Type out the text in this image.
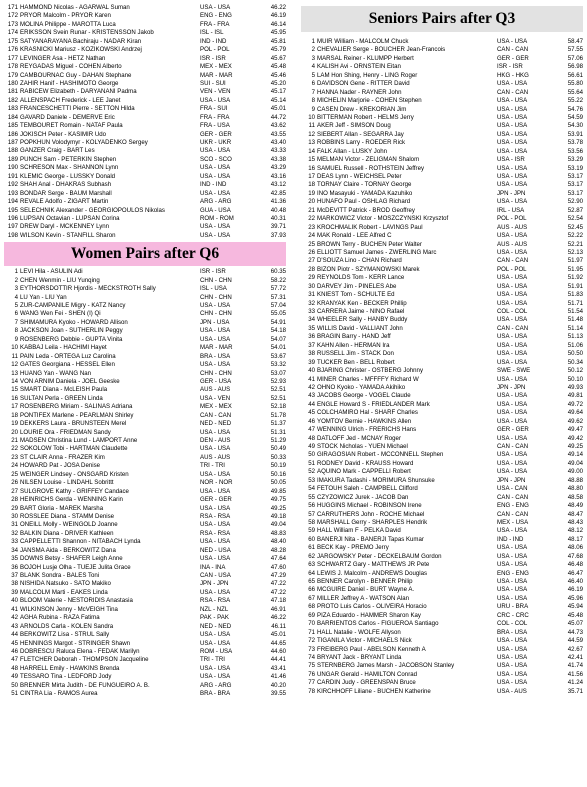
171 HAMMOND Nicolas - AGARWAL Suman	USA - USA	46.22
172 PRYOR Malcolm - PRYOR Karen	ENG - ENG	46.19
173 MOLINA Philippe - MAROTTA Luca	FRA - FRA	46.14
174 ERIKSSON Svein Runar - KRISTENSSON Jakob	ISL - ISL	45.95
175 SATYANARAYANA Bachiraju - NADAR Kiran	IND - IND	45.81
176 KRASNICKI Mariusz - KOZIKOWSKI Andrzej	POL - POL	45.79
177 LEVINGER Asa - HETZ Nathan	ISR - ISR	45.67
178 REYGADAS Miguel - COHEN Alberto	MEX - MEX	45.48
179 CAMBOURNAC Guy - DAHAN Stephane	MAR - MAR	45.46
180 ZAHIR Hanif - HASHIMOTO George	SUI - SUI	45.20
181 RABICEW Elizabeth - DARYANANI Padma	VEN - VEN	45.17
182 ALLENSPACH Frederick - LEE Janet	USA - USA	45.14
183 FRANCESCHETTI Pierre - SETTON Hilda	FRA - SUI	45.01
184 GAVARD Daniele - DEMERVE Eric	FRA - FRA	44.72
185 TEMBOURET Romain - NATAF Paula	FRA - USA	43.62
186 JOKISCH Peter - KASIMIR Udo	GER - GER	43.55
187 POPKHUN Volodymyr - KOLYADENKO Sergey	UKR - UKR	43.40
188 GANZER Craig - BART Les	USA - USA	43.33
189 PUNCH Sam - PETERKIN Stephen	SCO - SCO	43.38
190 SCHRESON Max - SHANNON Lynn	USA - USA	43.29
191 KLEMIC George - LUSSKY Donald	USA - USA	43.16
192 SHAH Anal - DHAKRAS Subhash	IND - IND	43.12
193 BONDAR Serge - BAUM Marshall	USA - USA	42.85
194 REVALE Adolfo - ZIGART Martin	ARG - ARG	41.36
195 SELECHNIK Alexander - GEORGIOPOULOS Nikolas	GUA - USA	40.48
196 LUPSAN Octavian - LUPSAN Corina	ROM - ROM	40.31
197 DREW Daryl - MCKENNEY Lynn	USA - USA	39.71
198 WILSON Kevin - STANFILL Sharon	USA - USA	37.93
Women Pairs after Q6
1 LEVI Hila - ASULIN Adi	ISR - ISR	60.35
2 CHEN Wenmin - LIU Yunqing	CHN - CHN	58.22
3 EYTHORSDOTTIR Hjordis - MECKSTROTH Sally	ISL - USA	57.72
4 LU Yan - LIU Yan	CHN - CHN	57.31
5 ZUR-CAMPANILE Migry - KATZ Nancy	USA - USA	57.04
6 WANG Wen Fei - SHEN (I) Qi	CHN - CHN	55.05
7 SHIMAMURA Kyoko - HOWARD Allison	JPN - USA	54.91
8 JACKSON Joan - SUTHERLIN Peggy	USA - USA	54.18
9 ROSENBERG Debbie - GUPTA Vinita	USA - USA	54.07
10 KABBAJ Leila - HACHIMI Hayet	MAR - MAR	54.01
11 PAIN Leda - ORTEGA Luz Carolina	BRA - USA	53.67
12 GATES Georgiana - HESSEL Ellen	USA - USA	53.32
13 HUANG Yan - WANG Nan	CHN - CHN	53.07
14 VON ARNIM Daniela - JOEL Geeske	GER - USA	52.93
15 SMART Diana - McLEISH Paula	AUS - AUS	52.51
16 SULTAN Perla - GREEN Linda	USA - VEN	52.51
17 ROSENBERG Miriam - SALINAS Adriana	MEX - MEX	52.18
18 PONTIFEX Marlene - PEARLMAN Shirley	CAN - CAN	51.78
19 DEKKERS Laura - BRUNSTEEN Merel	NED - NED	51.37
20 LOURIE Ora - FRIEDMAN Sandy	USA - USA	51.31
21 MADSEN Christina Lund - LAMPORT Anne	DEN - AUS	51.29
22 SOKOLOW Tobi - HARTMAN Claudette	USA - USA	50.49
23 ST CLAIR Anna - FRAZER Kim	AUS - AUS	50.33
24 HOWARD Pat - JOSA Denise	TRI - TRI	50.19
25 WEINGER Lindsey - ONSGARD Kristen	USA - USA	50.16
26 NILSEN Louise - LINDAHL Sobrittt	NOR - NOR	50.05
27 SULGROVE Kathy - GRIFFEY Candace	USA - USA	49.85
28 HEINRICHS Gerda - WENNING Karin	GER - GER	49.75
29 BART Gloria - MAREK Marsha	USA - USA	49.25
30 ROSSLEE Diana - STAMM Denise	RSA - RSA	49.18
31 ONEILL Molly - WEINGOLD Joanne	USA - USA	49.04
32 BALKIN Diana - DRIVER Kathleen	RSA - RSA	48.83
33 CAPPELLETTI Shannon - NITABACH Lynda	USA - USA	48.40
34 JANSMA Aida - BERKOWITZ Dana	NED - USA	48.28
35 DOWNS Betsy - SHAFER Leigh Anne	USA - USA	47.64
36 BOJOH Lusje Olha - TUEJE Julita Grace	INA - INA	47.60
37 BLANK Sondra - BALES Toni	CAN - USA	47.29
38 NISHIDA Natsuko - SATO Makiko	JPN - JPN	47.22
39 MALCOLM Marti - EAKES Linda	USA - USA	47.22
40 BLOOM Valerie - NESTORIDIS Anastasia	RSA - RSA	47.18
41 WILKINSON Jenny - McVEIGH Tina	NZL - NZL	46.91
42 AGHA Rubina - RAZA Fatima	PAK - PAK	46.22
43 ARNOLDS Carla - KOLEN Sandra	NED - NED	46.11
44 BERKOWITZ Lisa - STRUL Sally	USA - USA	45.01
45 HENNINGS Margot - STRINGER Shawn	USA - USA	44.65
46 DOBRESCU Raluca Elena - FEDAK Marilyn	ROM - USA	44.60
47 FLETCHER Deborah - THOMPSON Jacqueline	TRI - TRI	44.41
48 HARRELL Emily - HAWKINS Brenda	USA - USA	43.41
49 TESSARO Tina - LEDFORD Jody	USA - USA	41.46
50 BRENNER Mirta Judith - DE FUNGUEIRO A. B.	ARG - ARG	40.20
51 CINTRA Lia - RAMOS Aurea	BRA - BRA	39.55
Seniors Pairs after Q3
1 MUIR William - MALCOLM Chuck	USA - USA	58.47
2 CHEVALIER Serge - BOUCHER Jean-Francois	CAN - CAN	57.55
3 MARSAL Reiner - KLUMPP Herbert	GER - GER	57.06
4 KALISH Avi - ORNSTEIN Eitan	ISR - ISR	56.98
5 LAM Hon Shing, Henry - LING Roger	HKG - HKG	56.61
6 DAVIDSON Gene - RITTER David	USA - USA	55.80
7 HANNA Nader - RAYNER John	CAN - CAN	55.64
8 MICHELIN Marjorie - COHEN Stephen	USA - USA	55.22
9 CASEN Drew - KREKORIAN Jim	USA - USA	54.76
10 BITTERMAN Robert - HELMS Jerry	USA - USA	54.59
11 AKER Jeff - SIMSON Doug	USA - USA	54.30
12 SIEBERT Allan - SEGARRA Jay	USA - USA	53.91
13 ROBBINS Larry - ROEDER Rick	USA - USA	53.78
14 FALK Allan - LUSKY John	USA - USA	53.56
15 MELMAN Victor - ZELIGMAN Shalom	USA - ISR	53.29
16 SAMUEL Russell - ROTHSTEIN Jeffrey	USA - USA	53.19
17 DEAS Lynn - WEICHSEL Peter	USA - USA	53.17
18 TORNAY Claire - TORNAY George	USA - USA	53.17
19 INO Masayuki - YAMADA Kazuhiko	JPN - JPN	53.17
20 HUNAFO Paul - OSHLAG Richard	USA - USA	52.90
21 McDEVITT Patrick - BROD Geoffrey	IRL - USA	52.87
22 MARKOWICZ Victor - MOSZCZYNSKI Krzysztof	POL - POL	52.54
23 KROCHMALIK Robert - LAVINGS Paul	AUS - AUS	52.45
24 MAK Ronald - LEE Alfred C	USA - USA	52.22
25 BROWN Terry - BUCHEN Peter Walter	AUS - AUS	52.21
26 ELLIOTT Samuel James - ZWERLING Marc	USA - USA	52.13
27 D'SOUZA Lino - CHAN Richard	CAN - CAN	51.97
28 BIZON Piotr - SZYMANOWSKI Marek	POL - POL	51.95
29 REYNOLDS Tom - KERR Lance	USA - USA	51.92
30 DARVEY Jim - PINELES Abe	USA - USA	51.91
31 KNIEST Tom - SCHULTE Ed	USA - USA	51.83
32 KRANYAK Ken - BECKER Phillip	USA - USA	51.71
33 CARRERA Jaime - NINO Rafael	COL - COL	51.54
34 WHEELER Sally - HANBY Buddy	USA - USA	51.48
35 WILLIS David - VALLIANT John	CAN - CAN	51.14
36 BRAGIN Barry - HAND Jeff	USA - USA	51.13
37 KAHN Allen - HERMAN Ira	USA - USA	51.06
38 RUSSELL Jim - STACK Don	USA - USA	50.50
39 TUCKER Ben - BELL Robert	USA - USA	50.34
40 BJARING Christer - OSTBERG Johnny	SWE - SWE	50.12
41 MINER Charles - MFFFFY Richard W	USA - USA	50.10
42 OHNO Kyoko - YAMADA Akihiko	JPN - JPN	49.93
43 JACOBS George - VOGEL Claude	USA - USA	49.81
44 ENGLE Howard S - FRIEDLANDER Mark	USA - USA	49.72
45 COLCHAMIRO Hal - SHARF Charles	USA - USA	49.64
46 YOMTOV Bernie - HAWKINS Allen	USA - USA	49.62
47 WENNING Ulrich - FRERICHS Hans	GER - GER	49.47
48 DATLOFF Jed - MCNAY Roger	USA - USA	49.42
49 STOCK Nicholas - YUEN Michael	CAN - CAN	49.25
50 GIRAGOSIAN Robert - MCCONNELL Stephen	USA - USA	49.14
51 RODNEY David - KRAUSS Howard	USA - USA	49.04
52 AQUINO Mark - CAPPELLI Robert	USA - USA	49.00
53 IMAKURA Tadashi - MORIMURA Shunsuke	JPN - JPN	48.88
54 FETOUH Saleh - CAMPBELL Clifford	USA - CAN	48.80
55 CZYZOWICZ Jurek - JACOB Dan	CAN - CAN	48.58
56 HUGGINS Michael - ROBINSON Irene	ENG - ENG	48.49
57 CARRUTHERS John - ROCHE Michael	CAN - CAN	48.47
58 MARSHALL Gerry - SHARPLES Hendrik	MEX - USA	48.43
59 HALL William F - PELKA David	USA - USA	48.12
60 BANERJI Nita - BANERJI Tapas Kumar	IND - IND	48.17
61 BECK Kay - PREMO Jerry	USA - USA	48.06
62 JARGOWSKY Peter - DECKELBAUM Gordon	USA - USA	47.68
63 SCHWARTZ Gary - MATTHEWS JR Pete	USA - USA	46.48
64 LEWIS J. Malcolm - ANDREWS Douglas	ENG - ENG	46.47
65 BENNER Carolyn - BENNER Philip	USA - USA	46.40
66 MCGUIRE Daniel - BURT Wayne A.	USA - USA	46.19
67 MILLER Jeffrey A - WATSON Alan	USA - USA	45.96
68 PROTO Luis Carlos - OLIVEIRA Horacio	URU - BRA	45.94
69 PIZA Eduardo - HAMMER Sharon Kay	CRC - CRC	45.48
70 BARRIENTOS Carlos - FIGUEROA Santiago	COL - COL	45.07
71 HALL Natalie - WOLFE Allyson	BRA - USA	44.73
72 TIGANILA Victor - MICHAELS Nick	USA - USA	44.59
73 FREIBERG Paul - ABELSON Kenneth A	USA - USA	42.67
74 BRYANT Jack - BRYANT Linda	USA - USA	42.41
75 STERNBERG James Marsh - JACOBSON Stanley	USA - USA	41.74
76 UNGAR Gerald - HAMILTON Conrad	USA - USA	41.56
77 CARDIN Judy - GREENSPAN Bruce	USA - USA	41.24
78 KIRCHHOFF Liliane - BUCHEN Katherine	USA - AUS	35.71
